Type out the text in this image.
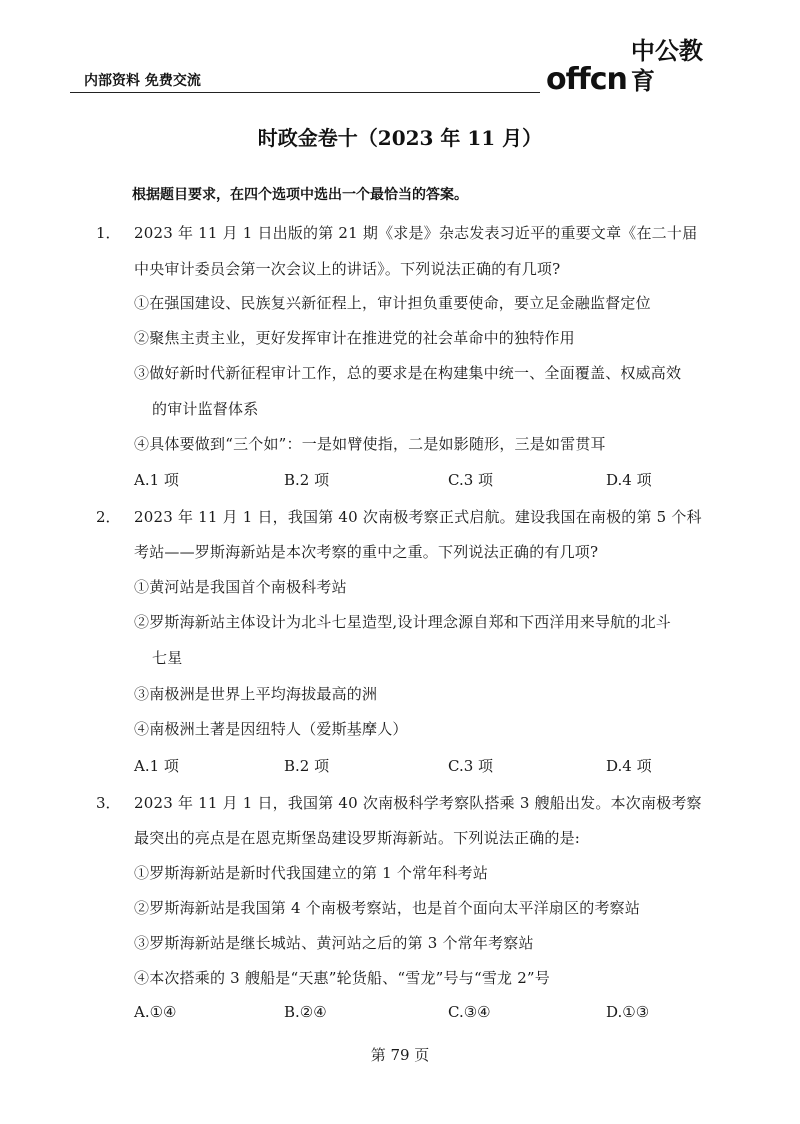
内部资料 免费交流	offcn
中公教育
时政金卷十（2023 年 11 月）
根据题目要求，在四个选项中选出一个最恰当的答案。
1． 2023 年 11 月 1 日出版的第 21 期《求是》杂志发表习近平的重要文章《在二十届
中央审计委员会第一次会议上的讲话》。下列说法正确的有几项?
①在强国建设、民族复兴新征程上，审计担负重要使命，要立足金融监督定位
②聚焦主责主业，更好发挥审计在推进党的社会革命中的独特作用
③做好新时代新征程审计工作，总的要求是在构建集中统一、全面覆盖、权威高效
的审计监督体系
④具体要做到“三个如”：一是如臂使指，二是如影随形，三是如雷贯耳
A.1 项	B.2 项	C.3 项	D.4 项
2． 2023 年 11 月 1 日，我国第 40 次南极考察正式启航。建设我国在南极的第 5 个科
考站——罗斯海新站是本次考察的重中之重。下列说法正确的有几项?
①黄河站是我国首个南极科考站
②罗斯海新站主体设计为北斗七星造型,设计理念源自郑和下西洋用来导航的北斗
七星
③南极洲是世界上平均海拔最高的洲
④南极洲土著是因纽特人（爱斯基摩人）
A.1 项	B.2 项	C.3 项	D.4 项
3． 2023 年 11 月 1 日，我国第 40 次南极科学考察队搭乘 3 艘船出发。本次南极考察
最突出的亮点是在恩克斯堡岛建设罗斯海新站。下列说法正确的是:
①罗斯海新站是新时代我国建立的第 1 个常年科考站
②罗斯海新站是我国第 4 个南极考察站，也是首个面向太平洋扇区的考察站
③罗斯海新站是继长城站、黄河站之后的第 3 个常年考察站
④本次搭乘的 3 艘船是“天惠”轮货船、“雪龙”号与“雪龙 2”号
A.①④	B.②④	C.③④	D.①③
第 79 页
